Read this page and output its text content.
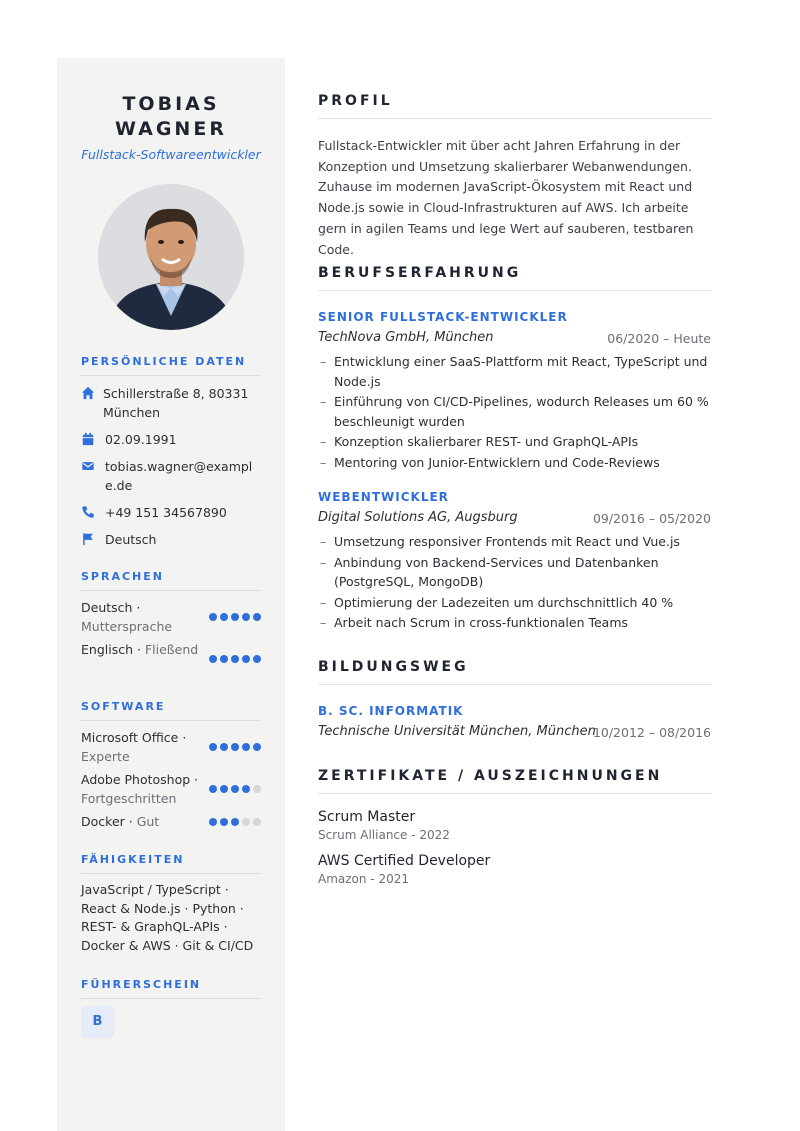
TOBIAS
WAGNER
Fullstack-Softwareentwickler
PERSÖNLICHE DATEN
Schillerstraße 8, 80331 München
02.09.1991
tobias.wagner@example.de
+49 151 34567890
Deutsch
SPRACHEN
Deutsch · Muttersprache
Englisch · Fließend
SOFTWARE
Microsoft Office · Experte
Adobe Photoshop · Fortgeschritten
Docker · Gut
FÄHIGKEITEN
JavaScript / TypeScript · React & Node.js · Python · REST- & GraphQL-APIs · Docker & AWS · Git & CI/CD
FÜHRERSCHEIN
B
PROFIL
Fullstack-Entwickler mit über acht Jahren Erfahrung in der Konzeption und Umsetzung skalierbarer Webanwendungen. Zuhause im modernen JavaScript-Ökosystem mit React und Node.js sowie in Cloud-Infrastrukturen auf AWS. Ich arbeite gern in agilen Teams und lege Wert auf sauberen, testbaren Code.
BERUFSERFAHRUNG
SENIOR FULLSTACK-ENTWICKLER
TechNova GmbH, München	06/2020 – Heute
– Entwicklung einer SaaS-Plattform mit React, TypeScript und Node.js
– Einführung von CI/CD-Pipelines, wodurch Releases um 60 % beschleunigt wurden
– Konzeption skalierbarer REST- und GraphQL-APIs
– Mentoring von Junior-Entwicklern und Code-Reviews
WEBENTWICKLER
Digital Solutions AG, Augsburg	09/2016 – 05/2020
– Umsetzung responsiver Frontends mit React und Vue.js
– Anbindung von Backend-Services und Datenbanken (PostgreSQL, MongoDB)
– Optimierung der Ladezeiten um durchschnittlich 40 %
– Arbeit nach Scrum in cross-funktionalen Teams
BILDUNGSWEG
B. SC. INFORMATIK
Technische Universität München, München
10/2012 – 08/2016
ZERTIFIKATE / AUSZEICHNUNGEN
Scrum Master
Scrum Alliance - 2022
AWS Certified Developer
Amazon - 2021
